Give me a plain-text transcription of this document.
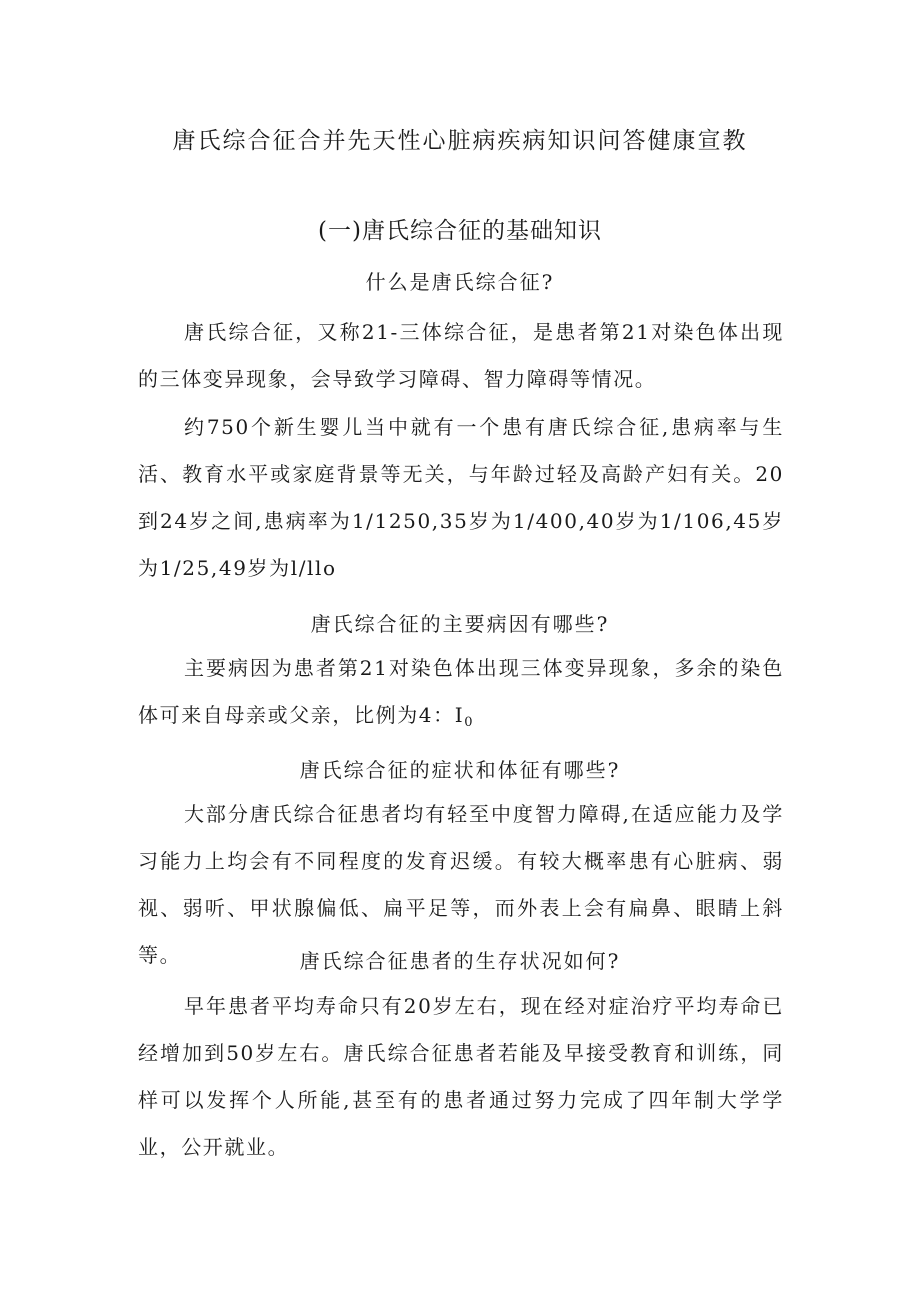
唐氏综合征合并先天性心脏病疾病知识问答健康宣教
(一)唐氏综合征的基础知识
什么是唐氏综合征?
唐氏综合征，又称21-三体综合征，是患者第21对染色体出现的三体变异现象，会导致学习障碍、智力障碍等情况。
约750个新生婴儿当中就有一个患有唐氏综合征,患病率与生活、教育水平或家庭背景等无关，与年龄过轻及高龄产妇有关。20到24岁之间,患病率为1/1250,35岁为1/400,40岁为1/106,45岁为1/25,49岁为l/llo
唐氏综合征的主要病因有哪些?
主要病因为患者第21对染色体出现三体变异现象，多余的染色体可来自母亲或父亲，比例为4：$I_0$
唐氏综合征的症状和体征有哪些?
大部分唐氏综合征患者均有轻至中度智力障碍,在适应能力及学习能力上均会有不同程度的发育迟缓。有较大概率患有心脏病、弱视、弱听、甲状腺偏低、扁平足等，而外表上会有扁鼻、眼睛上斜等。	唐氏综合征患者的生存状况如何?
早年患者平均寿命只有20岁左右，现在经对症治疗平均寿命已经增加到50岁左右。唐氏综合征患者若能及早接受教育和训练，同样可以发挥个人所能,甚至有的患者通过努力完成了四年制大学学业，公开就业。
